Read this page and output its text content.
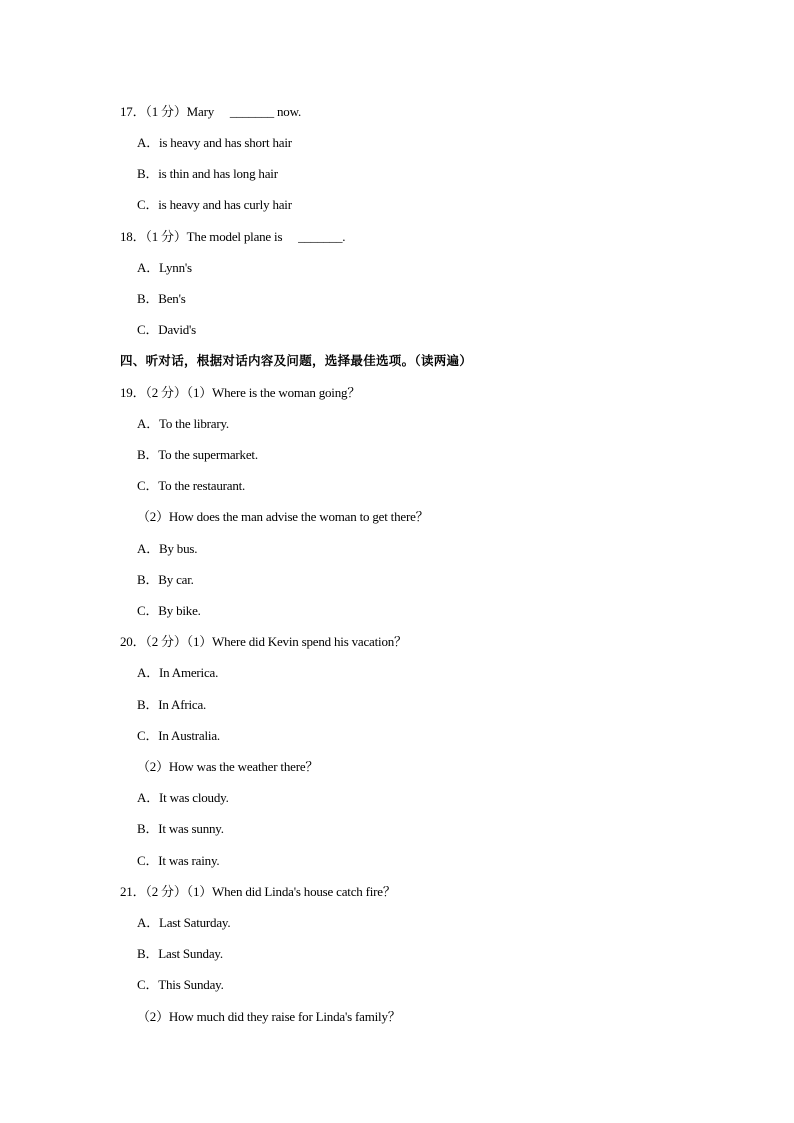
17．（1 分）Mary　 _______ now.
A．is heavy and has short hair
B．is thin and has long hair
C．is heavy and has curly hair
18．（1 分）The model plane is　 _______.
A．Lynn's
B．Ben's
C．David's
四、听对话，根据对话内容及问题，选择最佳选项。（读两遍）
19．（2 分）（1）Where is the woman going？
A．To the library.
B．To the supermarket.
C．To the restaurant.
（2）How does the man advise the woman to get there？
A．By bus.
B．By car.
C．By bike.
20．（2 分）（1）Where did Kevin spend his vacation？
A．In America.
B．In Africa.
C．In Australia.
（2）How was the weather there？
A．It was cloudy.
B．It was sunny.
C．It was rainy.
21．（2 分）（1）When did Linda's house catch fire？
A．Last Saturday.
B．Last Sunday.
C．This Sunday.
（2）How much did they raise for Linda's family？
